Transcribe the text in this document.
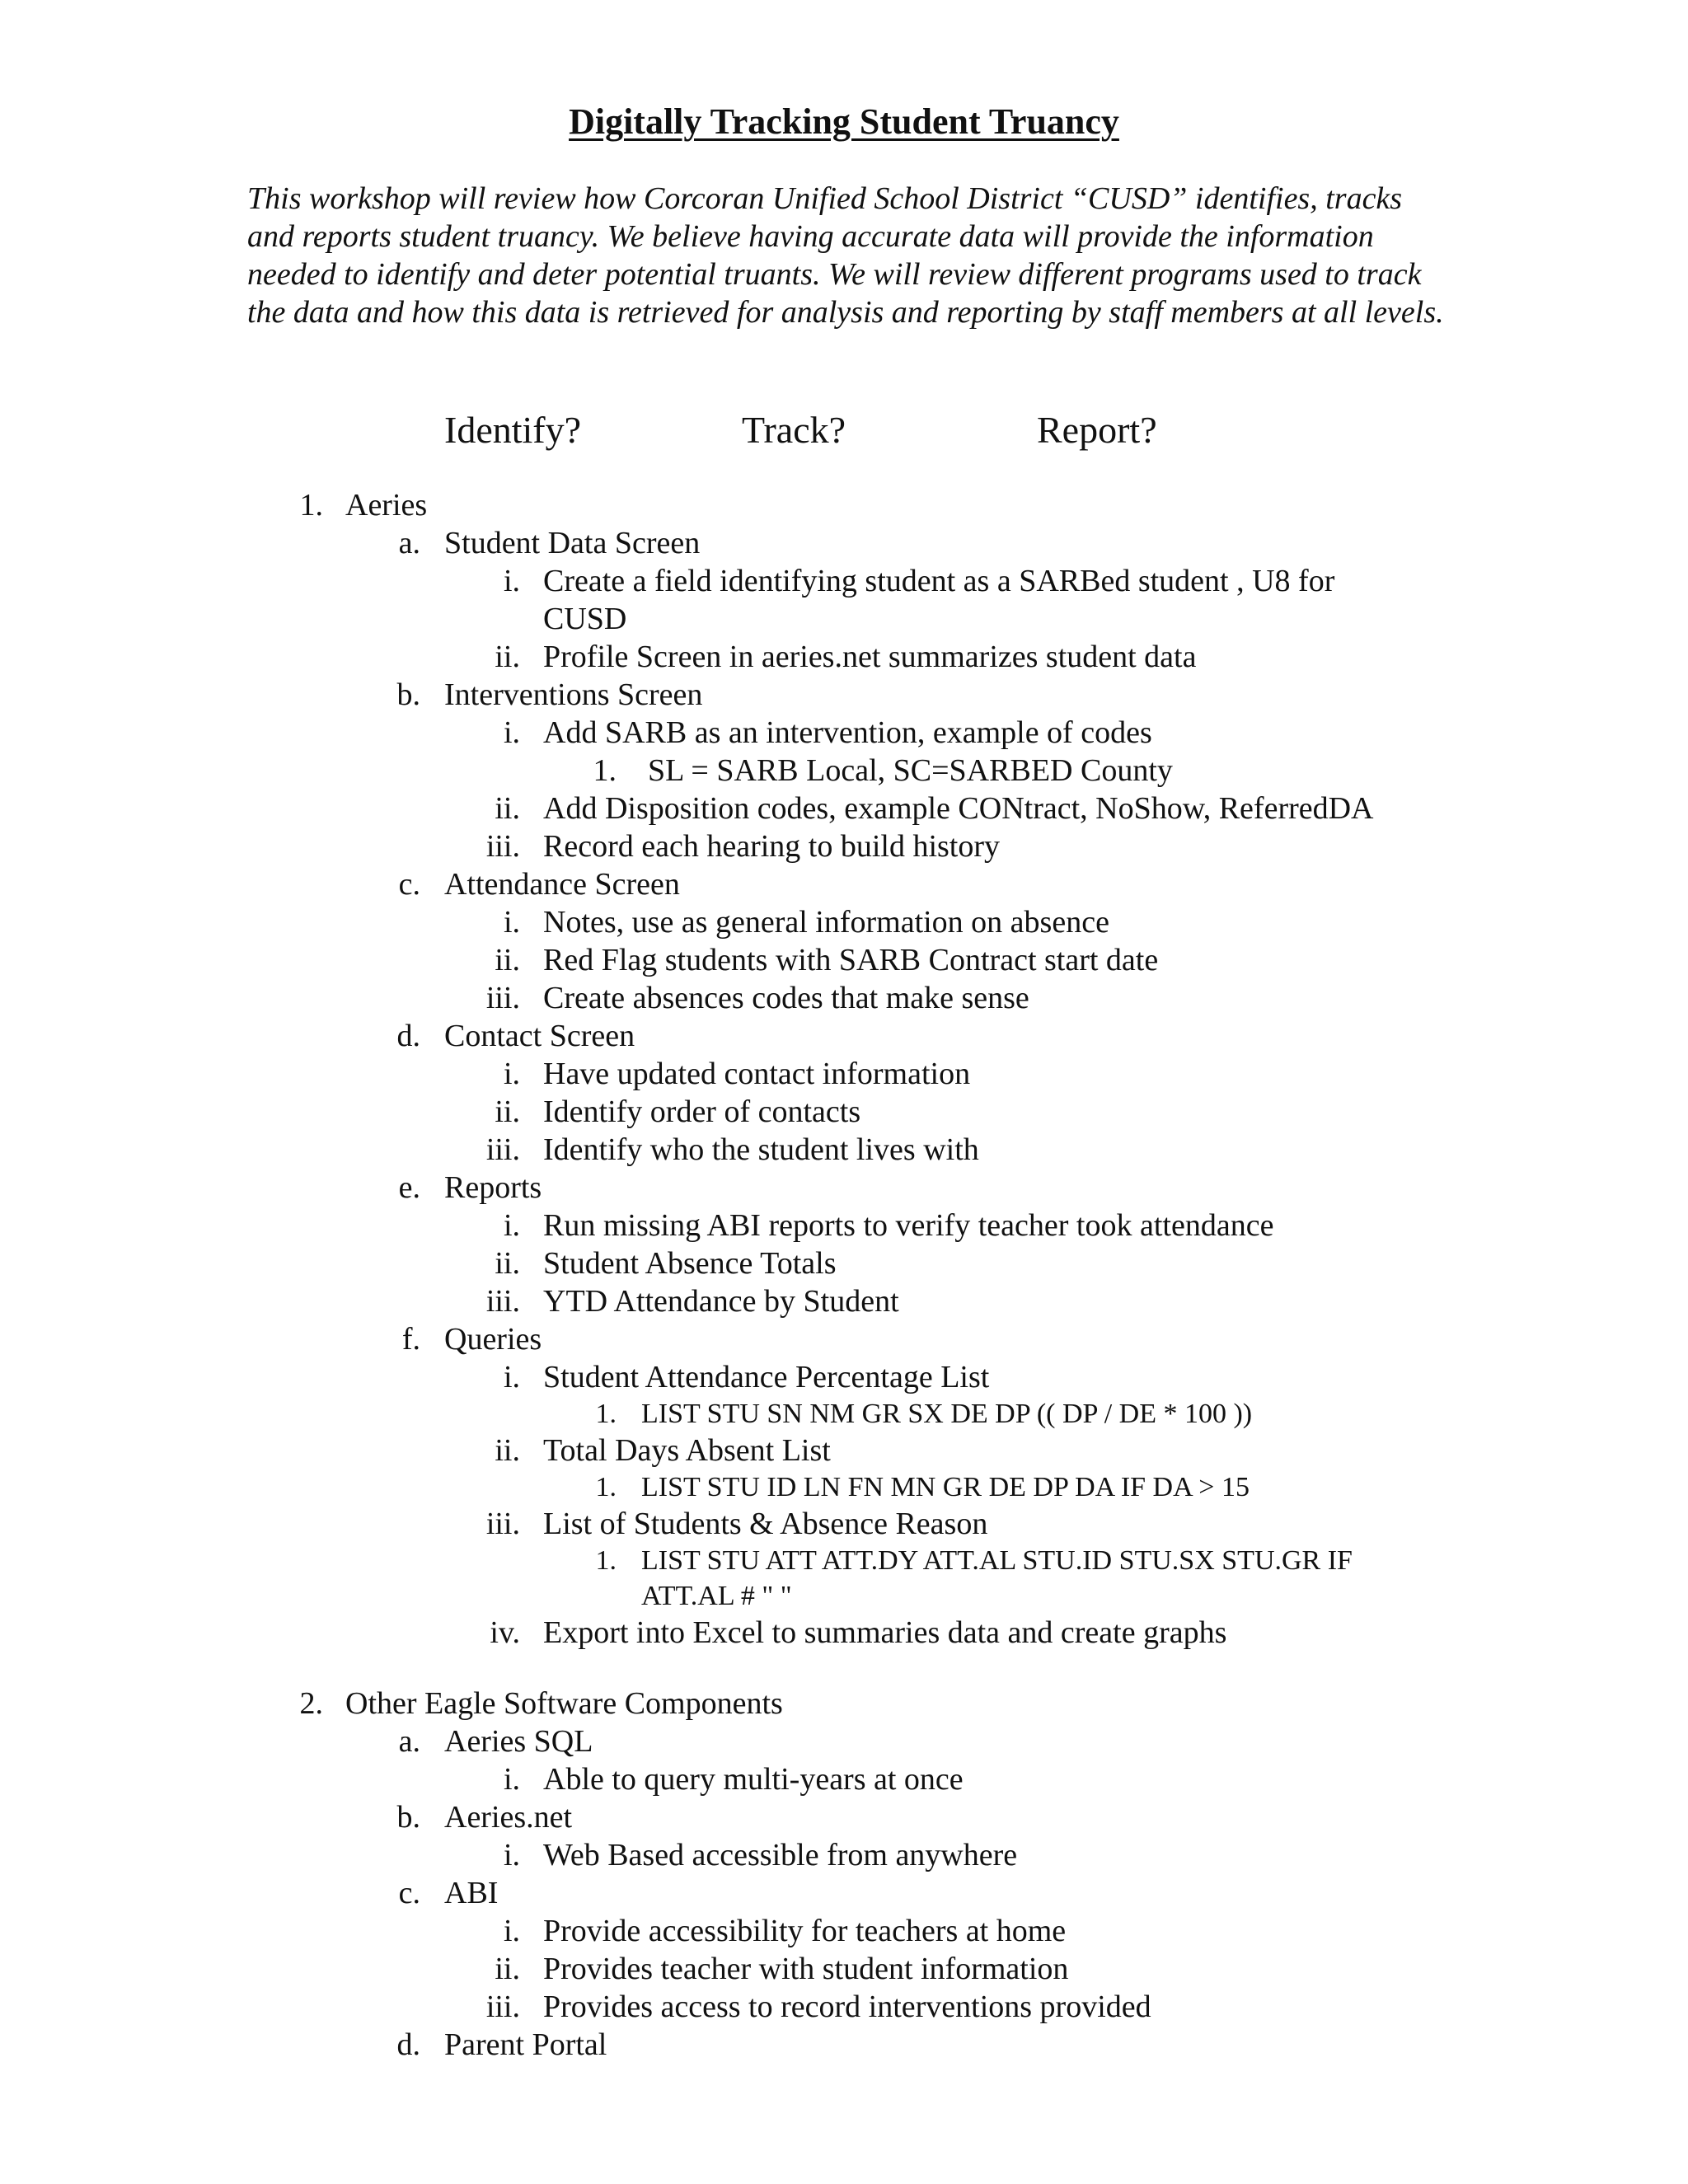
Digitally Tracking Student Truancy

This workshop will review how Corcoran Unified School District “CUSD” identifies, tracks and reports student truancy. We believe having accurate data will provide the information needed to identify and deter potential truants. We will review different programs used to track the data and how this data is retrieved for analysis and reporting by staff members at all levels.

Identify?	Track?	Report?
1. Aeries
a. Student Data Screen
i. Create a field identifying student as a SARBed student , U8 for
CUSD
ii. Profile Screen in aeries.net summarizes student data
b. Interventions Screen
i. Add SARB as an intervention, example of codes
1. SL = SARB Local, SC=SARBED County
ii. Add Disposition codes, example CONtract, NoShow, ReferredDA
iii. Record each hearing to build history
c. Attendance Screen
i. Notes, use as general information on absence
ii. Red Flag students with SARB Contract start date
iii. Create absences codes that make sense
d. Contact Screen
i. Have updated contact information
ii. Identify order of contacts
iii. Identify who the student lives with
e. Reports
i. Run missing ABI reports to verify teacher took attendance
ii. Student Absence Totals
iii. YTD Attendance by Student
f. Queries
i. Student Attendance Percentage List
1. LIST STU SN NM GR SX DE DP (( DP / DE * 100 ))
ii. Total Days Absent List
1. LIST STU ID LN FN MN GR DE DP DA IF DA > 15
iii. List of Students & Absence Reason
1. LIST STU ATT ATT.DY ATT.AL STU.ID STU.SX STU.GR IF
ATT.AL # " "
iv. Export into Excel to summaries data and create graphs
2. Other Eagle Software Components
a. Aeries SQL
i. Able to query multi-years at once
b. Aeries.net
i. Web Based accessible from anywhere
c. ABI
i. Provide accessibility for teachers at home
ii. Provides teacher with student information
iii. Provides access to record interventions provided
d. Parent Portal
